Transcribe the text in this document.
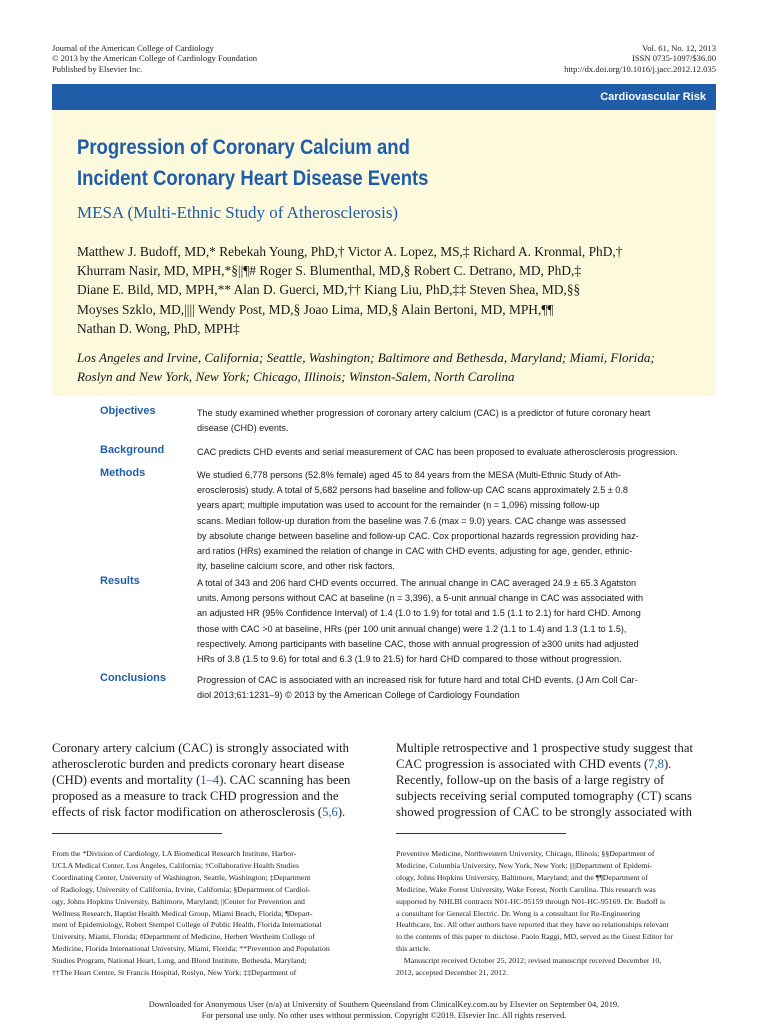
Journal of the American College of Cardiology
© 2013 by the American College of Cardiology Foundation
Published by Elsevier Inc.
Vol. 61, No. 12, 2013
ISSN 0735-1097/$36.00
http://dx.doi.org/10.1016/j.jacc.2012.12.035
Cardiovascular Risk
Progression of Coronary Calcium and
Incident Coronary Heart Disease Events
MESA (Multi-Ethnic Study of Atherosclerosis)
Matthew J. Budoff, MD,* Rebekah Young, PhD,† Victor A. Lopez, MS,‡ Richard A. Kronmal, PhD,†
Khurram Nasir, MD, MPH,*§||¶# Roger S. Blumenthal, MD,§ Robert C. Detrano, MD, PhD,‡
Diane E. Bild, MD, MPH,** Alan D. Guerci, MD,†† Kiang Liu, PhD,‡‡ Steven Shea, MD,§§
Moyses Szklo, MD,|||| Wendy Post, MD,§ Joao Lima, MD,§ Alain Bertoni, MD, MPH,¶¶
Nathan D. Wong, PhD, MPH‡
Los Angeles and Irvine, California; Seattle, Washington; Baltimore and Bethesda, Maryland; Miami, Florida;
Roslyn and New York, New York; Chicago, Illinois; Winston-Salem, North Carolina
Objectives	The study examined whether progression of coronary artery calcium (CAC) is a predictor of future coronary heart
disease (CHD) events.
Background	CAC predicts CHD events and serial measurement of CAC has been proposed to evaluate atherosclerosis progression.
Methods	We studied 6,778 persons (52.8% female) aged 45 to 84 years from the MESA (Multi-Ethnic Study of Ath-
erosclerosis) study. A total of 5,682 persons had baseline and follow-up CAC scans approximately 2.5 ± 0.8
years apart; multiple imputation was used to account for the remainder (n = 1,096) missing follow-up
scans. Median follow-up duration from the baseline was 7.6 (max = 9.0) years. CAC change was assessed
by absolute change between baseline and follow-up CAC. Cox proportional hazards regression providing haz-
ard ratios (HRs) examined the relation of change in CAC with CHD events, adjusting for age, gender, ethnic-
ity, baseline calcium score, and other risk factors.
Results	A total of 343 and 206 hard CHD events occurred. The annual change in CAC averaged 24.9 ± 65.3 Agatston
units. Among persons without CAC at baseline (n = 3,396), a 5-unit annual change in CAC was associated with
an adjusted HR (95% Confidence Interval) of 1.4 (1.0 to 1.9) for total and 1.5 (1.1 to 2.1) for hard CHD. Among
those with CAC >0 at baseline, HRs (per 100 unit annual change) were 1.2 (1.1 to 1.4) and 1.3 (1.1 to 1.5),
respectively. Among participants with baseline CAC, those with annual progression of ≥300 units had adjusted
HRs of 3.8 (1.5 to 9.6) for total and 6.3 (1.9 to 21.5) for hard CHD compared to those without progression.
Conclusions	Progression of CAC is associated with an increased risk for future hard and total CHD events. (J Am Coll Car-
diol 2013;61:1231–9) © 2013 by the American College of Cardiology Foundation
Coronary artery calcium (CAC) is strongly associated with
atherosclerotic burden and predicts coronary heart disease
(CHD) events and mortality (1–4). CAC scanning has been
proposed as a measure to track CHD progression and the
effects of risk factor modification on atherosclerosis (5,6).
Multiple retrospective and 1 prospective study suggest that
CAC progression is associated with CHD events (7,8).
Recently, follow-up on the basis of a large registry of
subjects receiving serial computed tomography (CT) scans
showed progression of CAC to be strongly associated with
From the *Division of Cardiology, LA Biomedical Research Institute, Harbor-
UCLA Medical Center, Los Angeles, California; †Collaborative Health Studies
Coordinating Center, University of Washington, Seattle, Washington; ‡Department
of Radiology, University of California, Irvine, California; §Department of Cardiol-
ogy, Johns Hopkins University, Baltimore, Maryland; ||Center for Prevention and
Wellness Research, Baptist Health Medical Group, Miami Beach, Florida; ¶Depart-
ment of Epidemiology, Robert Stempel College of Public Health, Florida International
University, Miami, Florida; #Department of Medicine, Herbert Wertheim College of
Medicine, Florida International University, Miami, Florida; **Prevention and Population
Studies Program, National Heart, Lung, and Blood Institute, Bethesda, Maryland;
††The Heart Centre, St Francis Hospital, Roslyn, New York; ‡‡Department of
Preventive Medicine, Northwestern University, Chicago, Illinois; §§Department of
Medicine, Columbia University, New York, New York; ||||Department of Epidemi-
ology, Johns Hopkins University, Baltimore, Maryland; and the ¶¶Department of
Medicine, Wake Forest University, Wake Forest, North Carolina. This research was
supported by NHLBI contracts N01-HC-95159 through N01-HC-95169. Dr. Budoff is
a consultant for General Electric. Dr. Wong is a consultant for Re-Engineering
Healthcare, Inc. All other authors have reported that they have no relationships relevant
to the contents of this paper to disclose. Paolo Raggi, MD, served as the Guest Editor for
this article.
Manuscript received October 25, 2012; revised manuscript received December 10,
2012, accepted December 21, 2012.
Downloaded for Anonymous User (n/a) at University of Southern Queensland from ClinicalKey.com.au by Elsevier on September 04, 2019.
For personal use only. No other uses without permission. Copyright ©2019. Elsevier Inc. All rights reserved.
